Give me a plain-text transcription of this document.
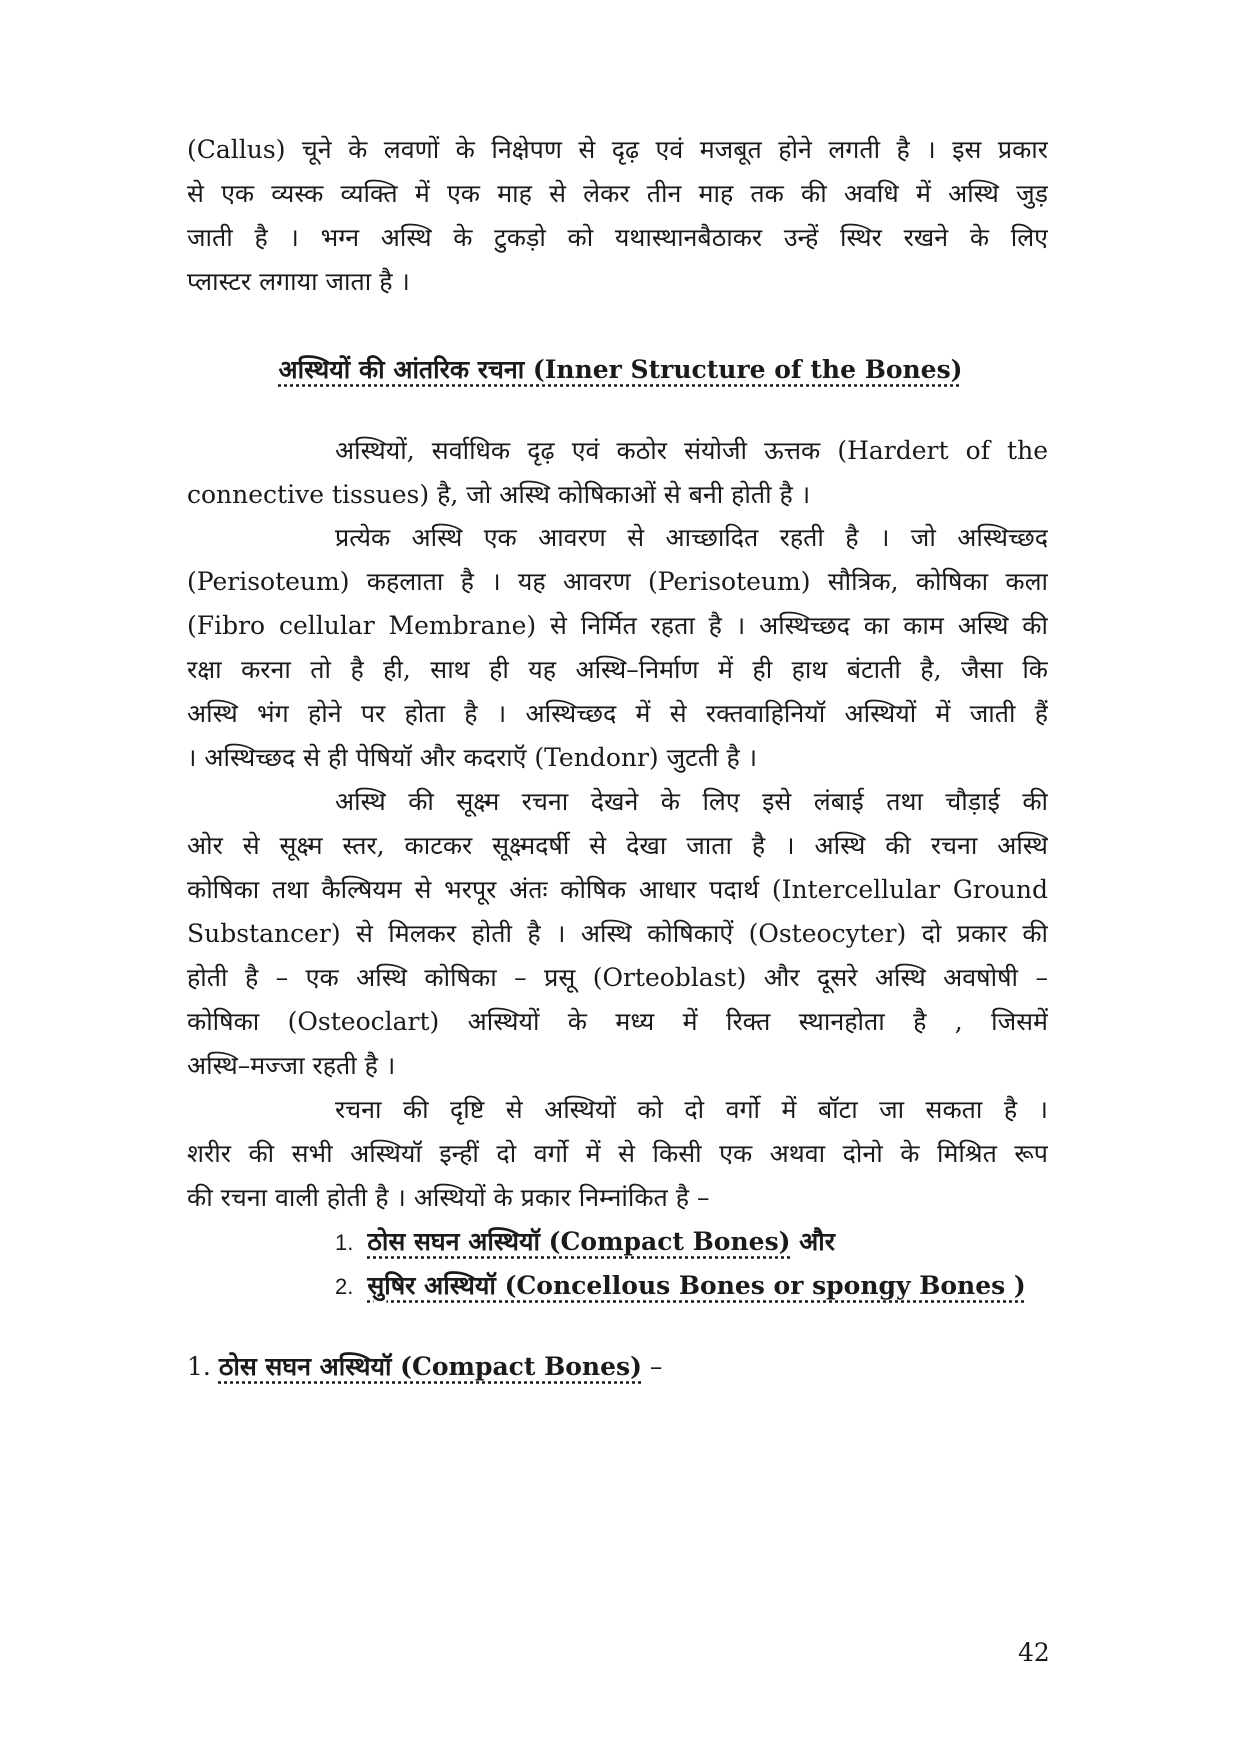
(Callus) चूने के लवणों के निक्षेपण से दृढ़ एवं मजबूत होने लगती है । इस प्रकार
से एक व्यस्क व्यक्ति में एक माह से लेकर तीन माह तक की अवधि में अस्थि जुड़
जाती है । भग्न अस्थि के टुकड़ो को यथास्थानबैठाकर उन्हें स्थिर रखने के लिए
प्लास्टर लगाया जाता है ।
अस्थियों की आंतरिक रचना (Inner Structure of the Bones)
अस्थियों, सर्वाधिक दृढ़ एवं कठोर संयोजी ऊत्तक (Hardert of the
connective tissues) है, जो अस्थि कोषिकाओं से बनी होती है ।
प्रत्येक अस्थि एक आवरण से आच्छादित रहती है । जो अस्थिच्छद
(Perisoteum) कहलाता है । यह आवरण (Perisoteum) सौत्रिक, कोषिका कला
(Fibro cellular Membrane) से निर्मित रहता है । अस्थिच्छद का काम अस्थि की
रक्षा करना तो है ही, साथ ही यह अस्थि–निर्माण में ही हाथ बंटाती है, जैसा कि
अस्थि भंग होने पर होता है । अस्थिच्छद में से रक्तवाहिनियॉ अस्थियों में जाती हैं
। अस्थिच्छद से ही पेषियॉ और कदराऍ (Tendonr) जुटती है ।
अस्थि की सूक्ष्म रचना देखने के लिए इसे लंबाई तथा चौड़ाई की
ओर से सूक्ष्म स्तर, काटकर सूक्ष्मदर्षी से देखा जाता है । अस्थि की रचना अस्थि
कोषिका तथा कैल्षियम से भरपूर अंतः कोषिक आधार पदार्थ (Intercellular Ground
Substancer) से मिलकर होती है । अस्थि कोषिकाऐं (Osteocyter) दो प्रकार की
होती है – एक अस्थि कोषिका – प्रसू (Orteoblast) और दूसरे अस्थि अवषोषी –
कोषिका (Osteoclart) अस्थियों के मध्य में रिक्त स्थानहोता है , जिसमें
अस्थि–मज्जा रहती है ।
रचना की दृष्टि से अस्थियों को दो वर्गो में बॉटा जा सकता है ।
शरीर की सभी अस्थियॉ इन्हीं दो वर्गो में से किसी एक अथवा दोनो के मिश्रित रूप
की रचना वाली होती है । अस्थियों के प्रकार निम्नांकित है –
1. ठोस सघन अस्थियॉ (Compact Bones) और
2. सुषिर अस्थियॉ (Concellous Bones or spongy Bones )
1. ठोस सघन अस्थियॉ (Compact Bones) –
42
